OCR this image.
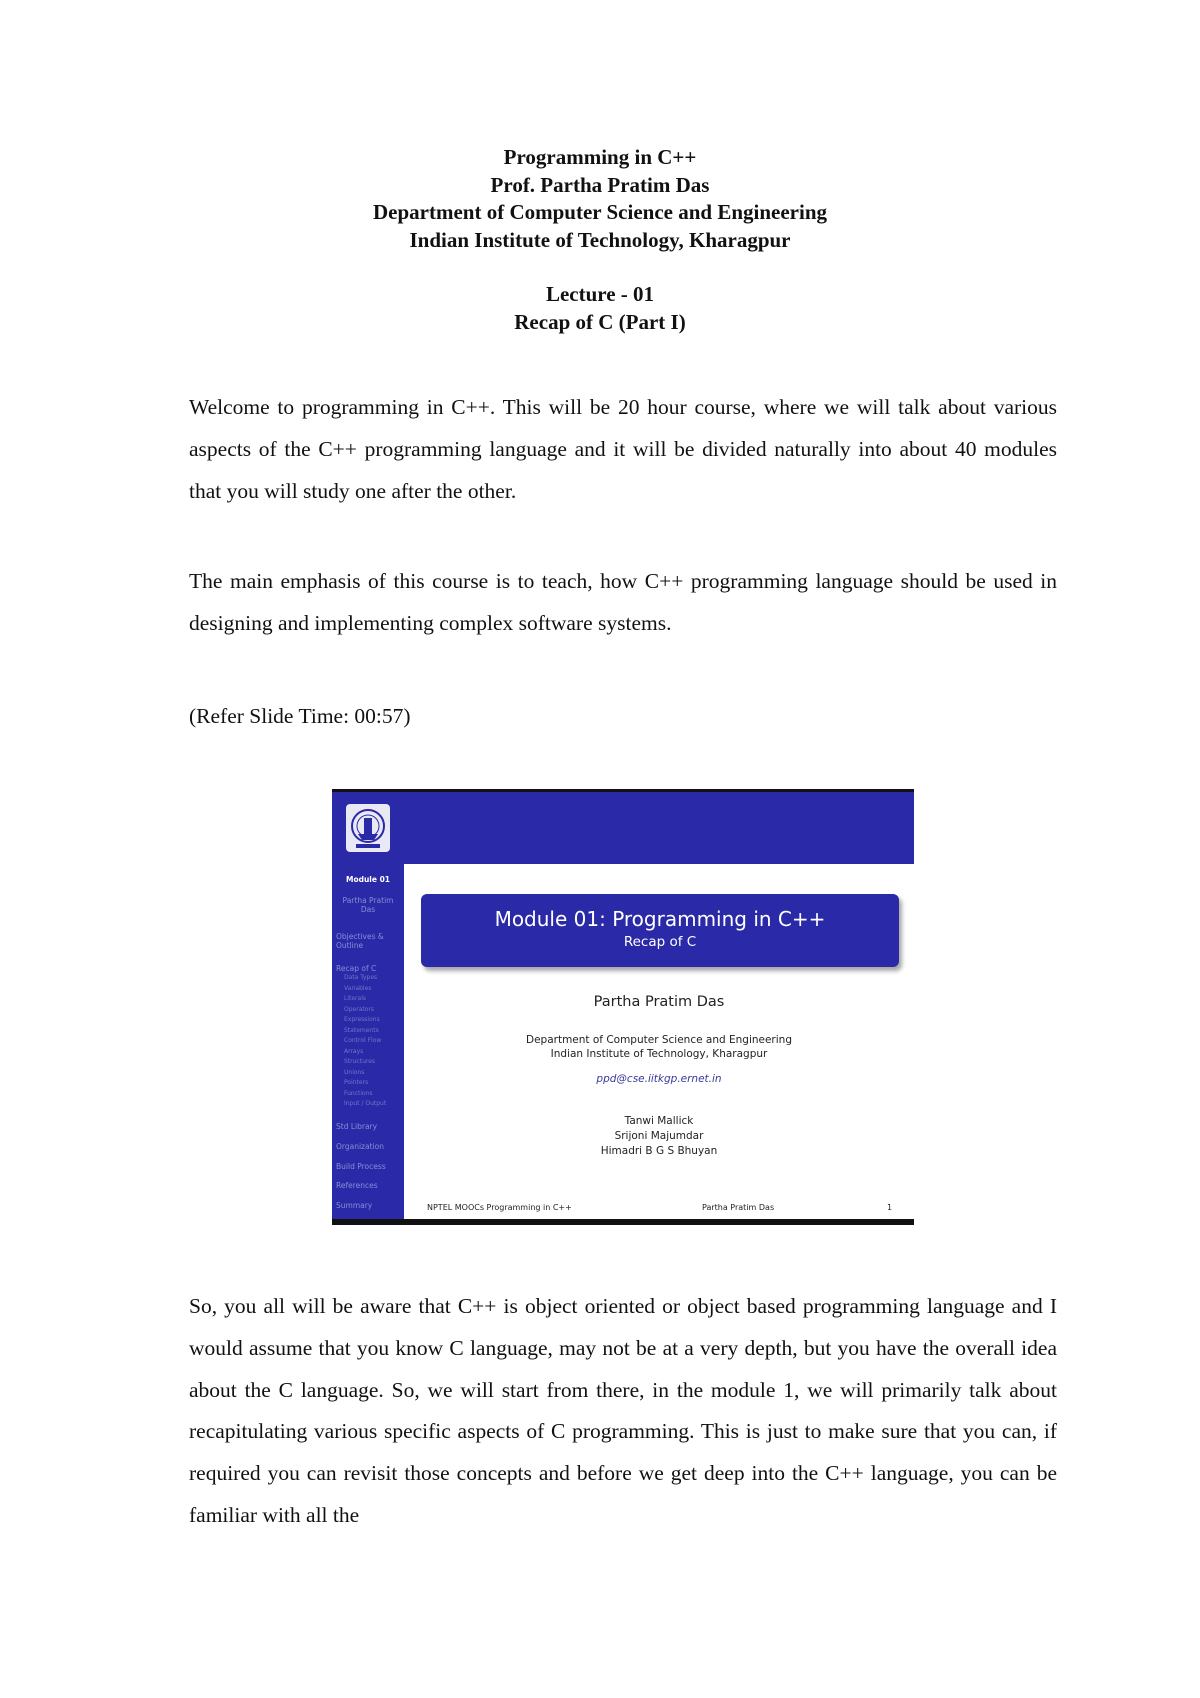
Programming in C++
Prof. Partha Pratim Das
Department of Computer Science and Engineering
Indian Institute of Technology, Kharagpur
Lecture - 01
Recap of C (Part I)

Welcome to programming in C++. This will be 20 hour course, where we will talk about various aspects of the C++ programming language and it will be divided naturally into about 40 modules that you will study one after the other.

The main emphasis of this course is to teach, how C++ programming language should be used in designing and implementing complex software systems.

(Refer Slide Time: 00:57)

Module 01
Partha Pratim Das
Objectives & Outline
Recap of C
Data Types
Variables
Literals
Operators
Expressions
Statements
Control Flow
Arrays
Structures
Unions
Pointers
Functions
Input / Output
Std Library
Organization
Build Process
References
Summary
Module 01: Programming in C++
Recap of C
Partha Pratim Das
Department of Computer Science and Engineering
Indian Institute of Technology, Kharagpur
ppd@cse.iitkgp.ernet.in
Tanwi Mallick
Srijoni Majumdar
Himadri B G S Bhuyan
NPTEL MOOCs Programming in C++	Partha Pratim Das	1

So, you all will be aware that C++ is object oriented or object based programming language and I would assume that you know C language, may not be at a very depth, but you have the overall idea about the C language. So, we will start from there, in the module 1, we will primarily talk about recapitulating various specific aspects of C programming. This is just to make sure that you can, if required you can revisit those concepts and before we get deep into the C++ language, you can be familiar with all the
